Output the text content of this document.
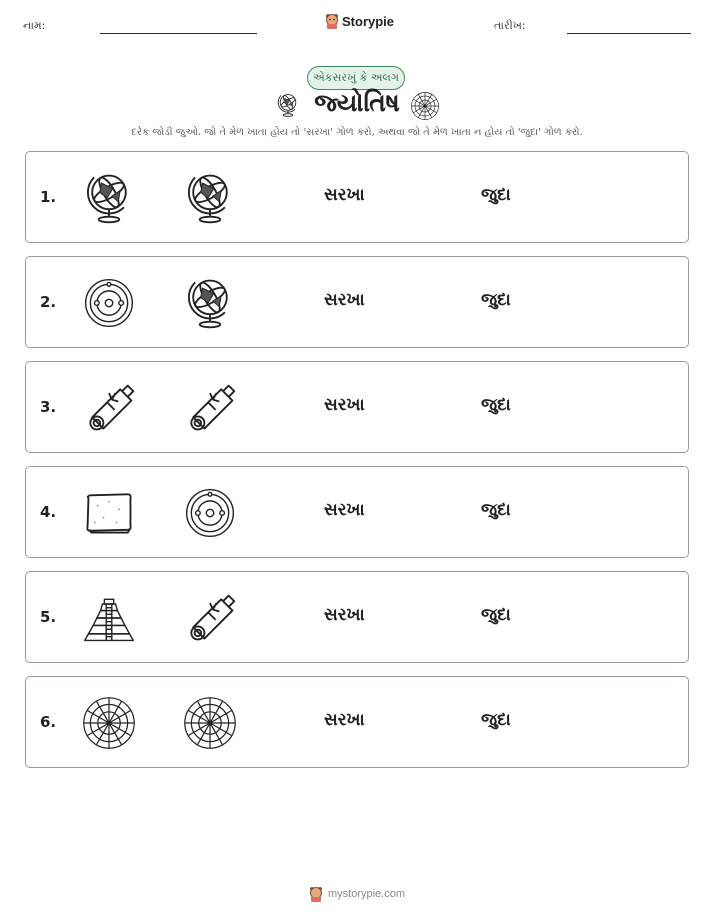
નામ:	Storypie	તારીખ:
એકસરખું કે અલગ
જ્યોતિષ
દરેક જોડી જુઓ. જો તે મેળ ખાતા હોય તો 'સરખા' ગોળ કરો, અથવા જો તે મેળ ખાતા ન હોય તો 'જુદા' ગોળ કરો.
1.	સરખા	જુદા
2.	સરખા	જુદા
3.	સરખા	જુદા
4.	સરખા	જુદા
5.	સરખા	જુદા
6.	સરખા	જુદા
mystorypie.com
